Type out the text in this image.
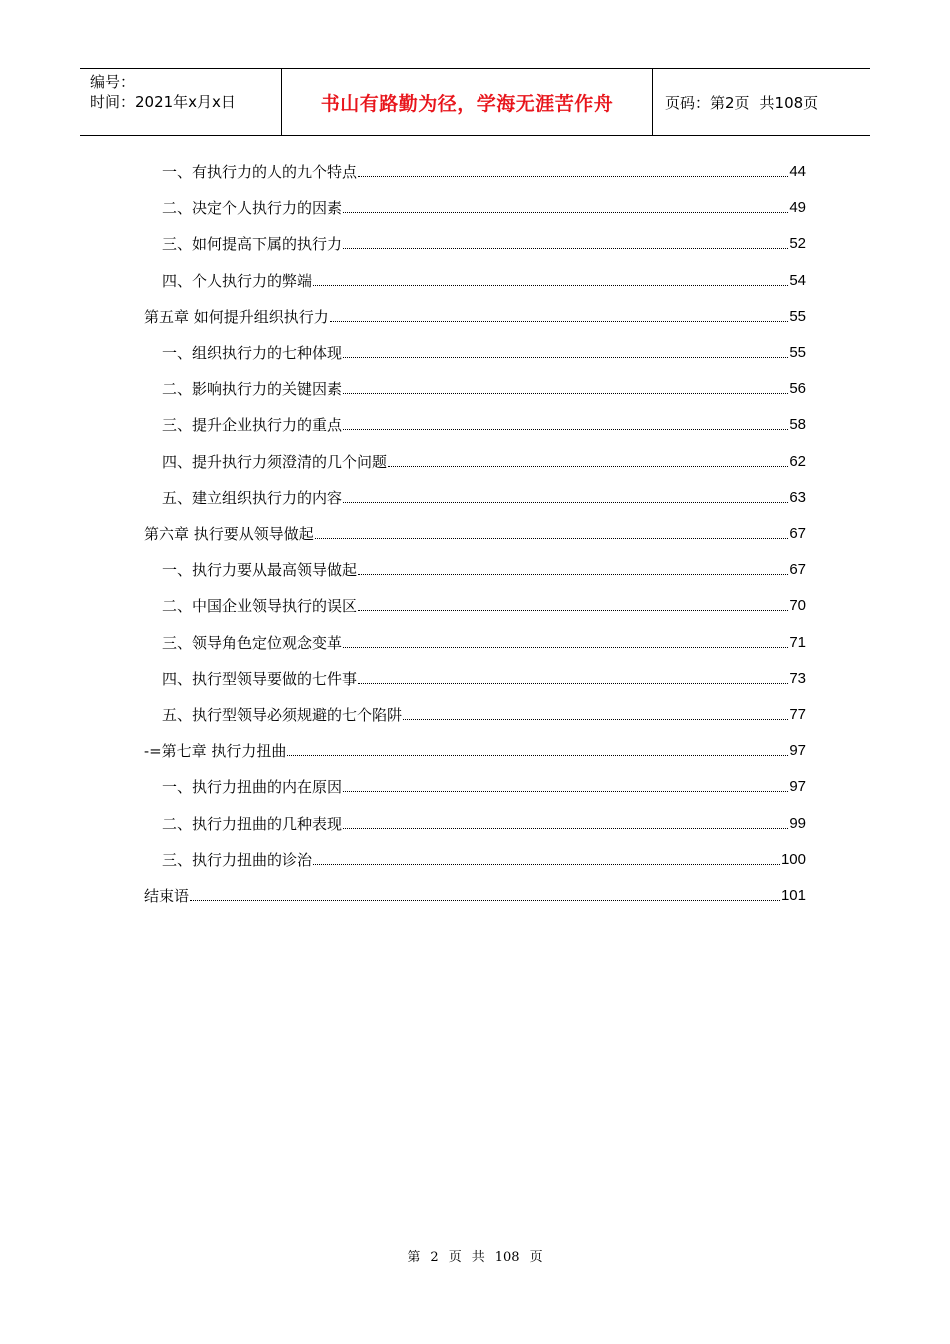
编号：
时间：2021年x月x日	书山有路勤为径，学海无涯苦作舟	页码：第2页 共108页
一、有执行力的人的九个特点	44
二、决定个人执行力的因素	49
三、如何提高下属的执行力	52
四、个人执行力的弊端	54
第五章 如何提升组织执行力	55
一、组织执行力的七种体现	55
二、影响执行力的关键因素	56
三、提升企业执行力的重点	58
四、提升执行力须澄清的几个问题	62
五、建立组织执行力的内容	63
第六章 执行要从领导做起	67
一、执行力要从最高领导做起	67
二、中国企业领导执行的误区	70
三、领导角色定位观念变革	71
四、执行型领导要做的七件事	73
五、执行型领导必须规避的七个陷阱	77
-=第七章 执行力扭曲	97
一、执行力扭曲的内在原因	97
二、执行力扭曲的几种表现	99
三、执行力扭曲的诊治	100
结束语	101
第 2 页 共 108 页
